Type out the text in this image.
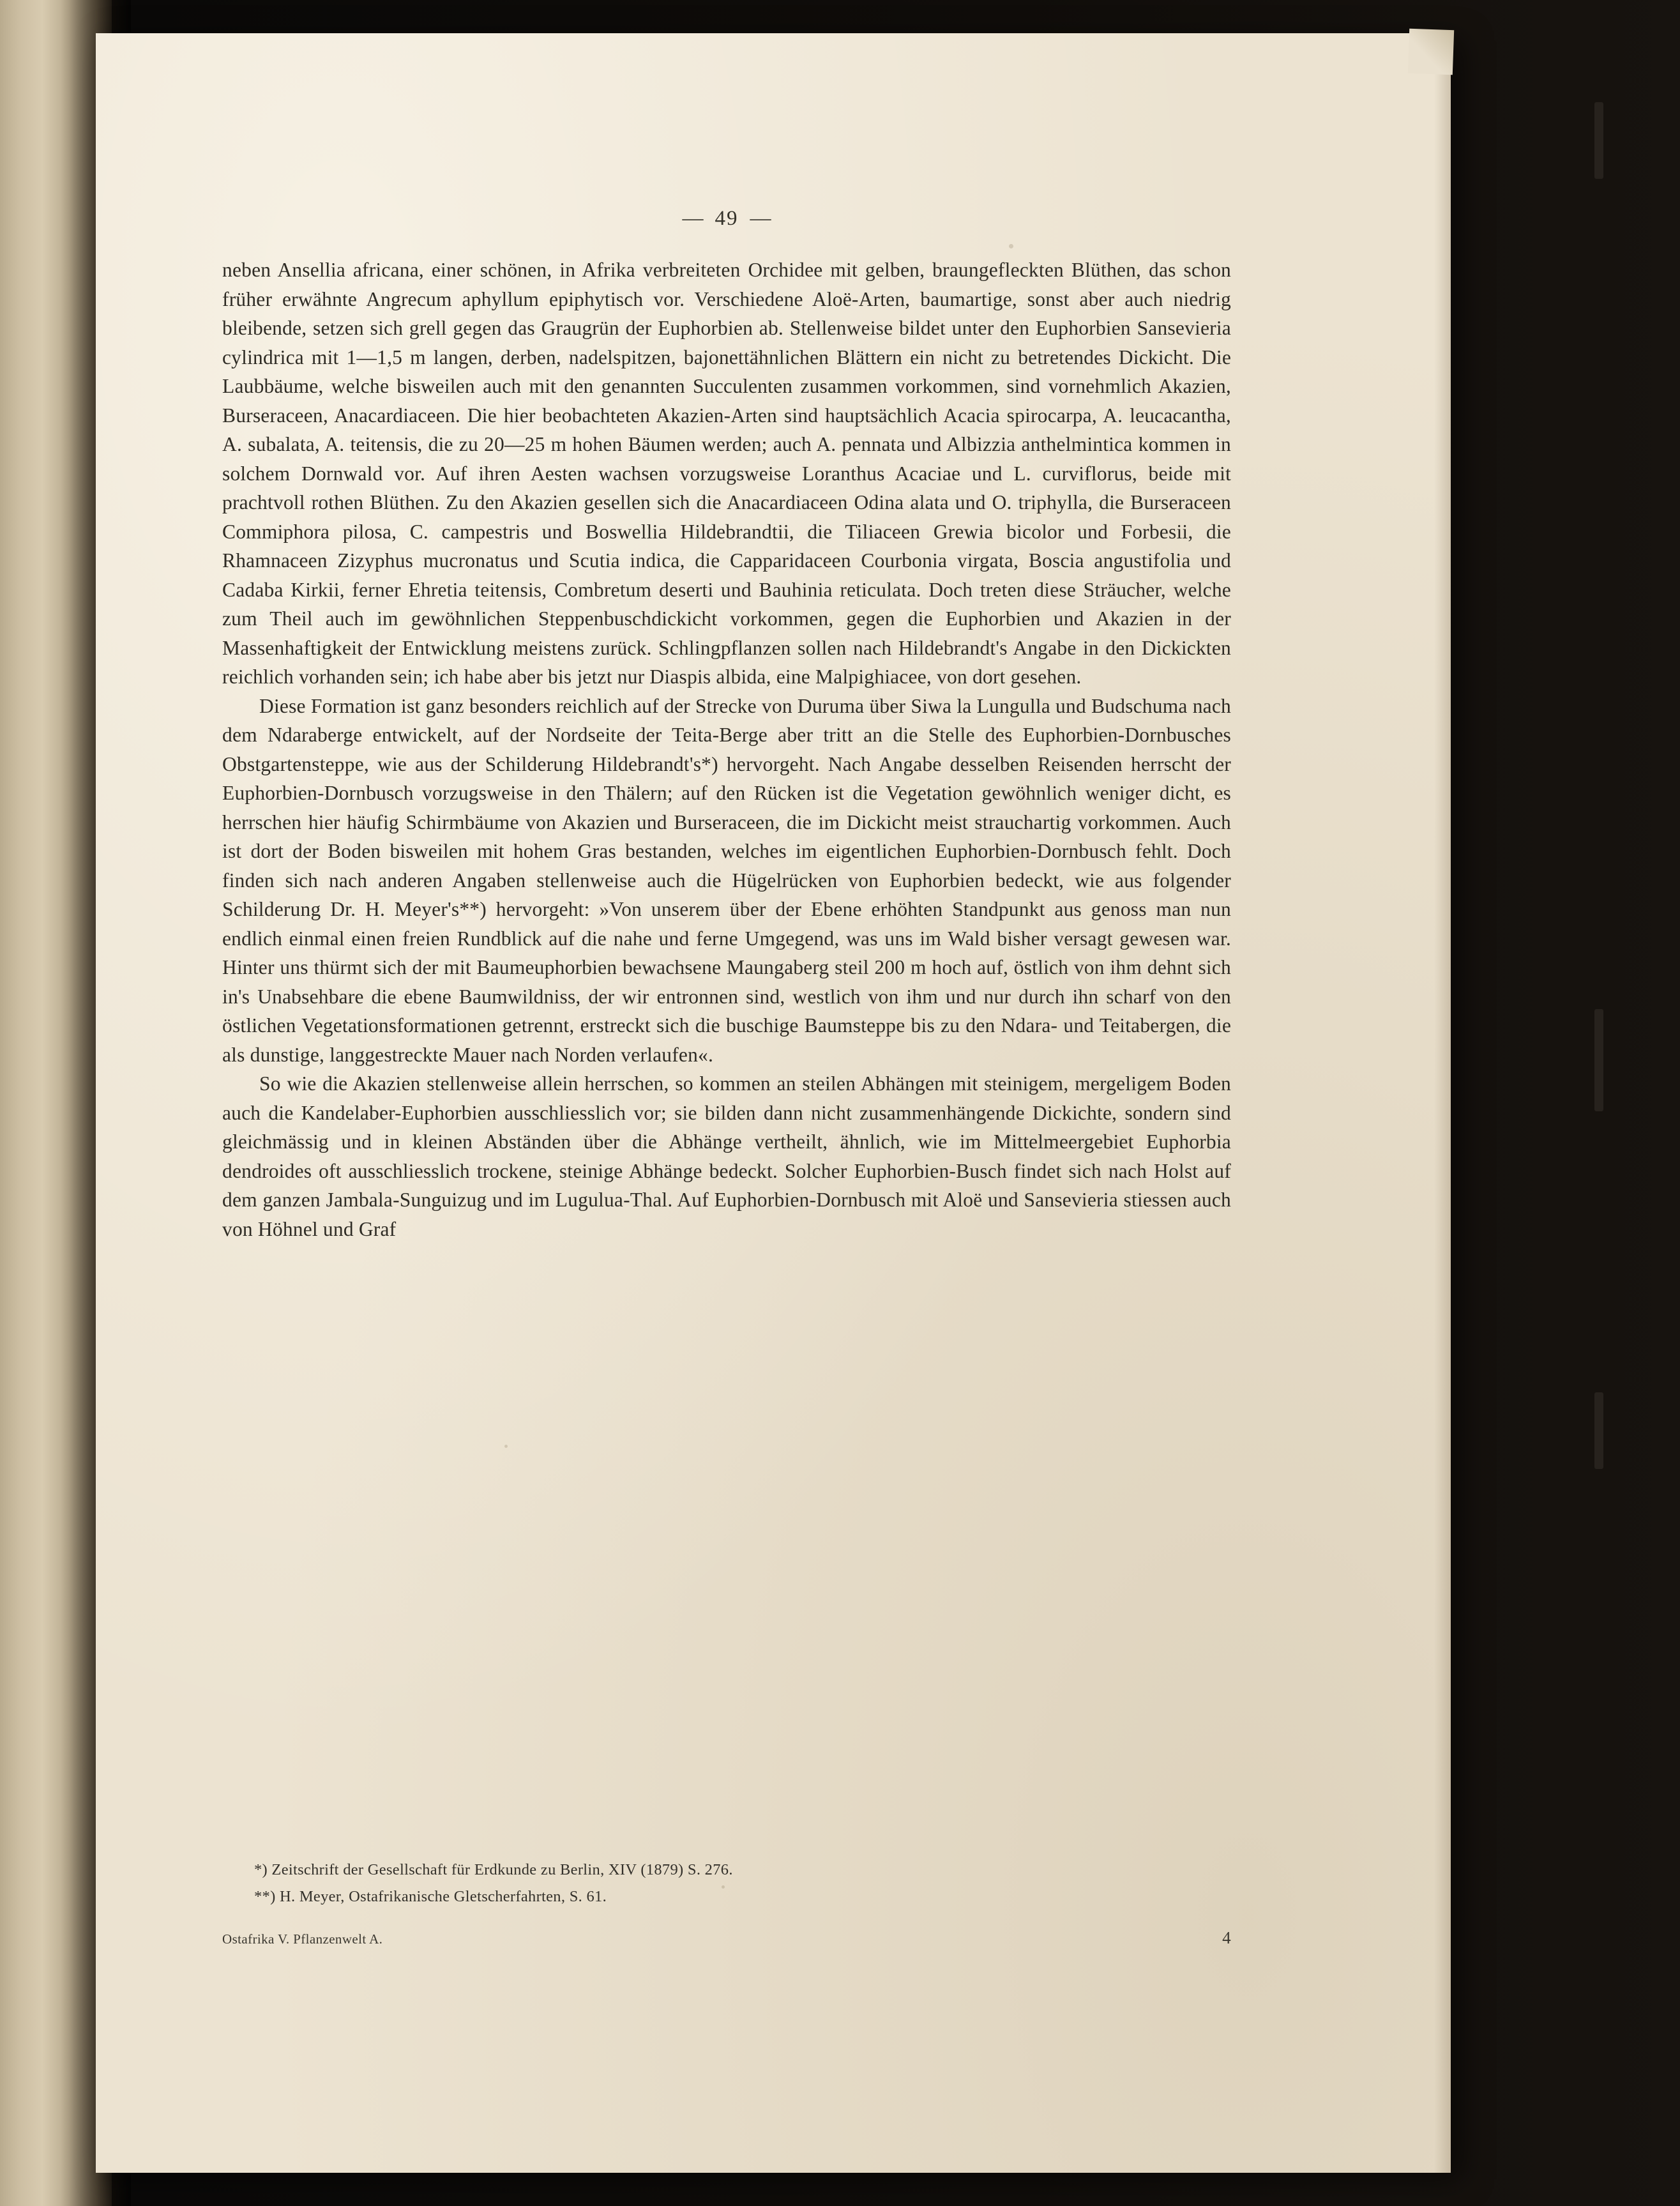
— 49 —

neben Ansellia africana, einer schönen, in Afrika verbreiteten Orchidee mit gelben, braungefleckten Blüthen, das schon früher erwähnte Angrecum aphyllum epiphytisch vor. Verschiedene Aloë-Arten, baumartige, sonst aber auch niedrig bleibende, setzen sich grell gegen das Graugrün der Euphorbien ab. Stellenweise bildet unter den Euphorbien Sansevieria cylindrica mit 1—1,5 m langen, derben, nadelspitzen, bajonettähnlichen Blättern ein nicht zu betretendes Dickicht. Die Laubbäume, welche bisweilen auch mit den genannten Succulenten zusammen vorkommen, sind vornehmlich Akazien, Burseraceen, Anacardiaceen. Die hier beobachteten Akazien-Arten sind hauptsächlich Acacia spirocarpa, A. leucacantha, A. subalata, A. teitensis, die zu 20—25 m hohen Bäumen werden; auch A. pennata und Albizzia anthelmintica kommen in solchem Dornwald vor. Auf ihren Aesten wachsen vorzugsweise Loranthus Acaciae und L. curviflorus, beide mit prachtvoll rothen Blüthen. Zu den Akazien gesellen sich die Anacardiaceen Odina alata und O. triphylla, die Burseraceen Commiphora pilosa, C. campestris und Boswellia Hildebrandtii, die Tiliaceen Grewia bicolor und Forbesii, die Rhamnaceen Zizyphus mucronatus und Scutia indica, die Capparidaceen Courbonia virgata, Boscia angustifolia und Cadaba Kirkii, ferner Ehretia teitensis, Combretum deserti und Bauhinia reticulata. Doch treten diese Sträucher, welche zum Theil auch im gewöhnlichen Steppenbuschdickicht vorkommen, gegen die Euphorbien und Akazien in der Massenhaftigkeit der Entwicklung meistens zurück. Schlingpflanzen sollen nach Hildebrandt's Angabe in den Dickickten reichlich vorhanden sein; ich habe aber bis jetzt nur Diaspis albida, eine Malpighiacee, von dort gesehen.

Diese Formation ist ganz besonders reichlich auf der Strecke von Duruma über Siwa la Lungulla und Budschuma nach dem Ndaraberge entwickelt, auf der Nordseite der Teita-Berge aber tritt an die Stelle des Euphorbien-Dornbusches Obstgartensteppe, wie aus der Schilderung Hildebrandt's*) hervorgeht. Nach Angabe desselben Reisenden herrscht der Euphorbien-Dornbusch vorzugsweise in den Thälern; auf den Rücken ist die Vegetation gewöhnlich weniger dicht, es herrschen hier häufig Schirmbäume von Akazien und Burseraceen, die im Dickicht meist strauchartig vorkommen. Auch ist dort der Boden bisweilen mit hohem Gras bestanden, welches im eigentlichen Euphorbien-Dornbusch fehlt. Doch finden sich nach anderen Angaben stellenweise auch die Hügelrücken von Euphorbien bedeckt, wie aus folgender Schilderung Dr. H. Meyer's**) hervorgeht: »Von unserem über der Ebene erhöhten Standpunkt aus genoss man nun endlich einmal einen freien Rundblick auf die nahe und ferne Umgegend, was uns im Wald bisher versagt gewesen war. Hinter uns thürmt sich der mit Baumeuphorbien bewachsene Maungaberg steil 200 m hoch auf, östlich von ihm dehnt sich in's Unabsehbare die ebene Baumwildniss, der wir entronnen sind, westlich von ihm und nur durch ihn scharf von den östlichen Vegetationsformationen getrennt, erstreckt sich die buschige Baumsteppe bis zu den Ndara- und Teitabergen, die als dunstige, langgestreckte Mauer nach Norden verlaufen«.

So wie die Akazien stellenweise allein herrschen, so kommen an steilen Abhängen mit steinigem, mergeligem Boden auch die Kandelaber-Euphorbien ausschliesslich vor; sie bilden dann nicht zusammenhängende Dickichte, sondern sind gleichmässig und in kleinen Abständen über die Abhänge vertheilt, ähnlich, wie im Mittelmeergebiet Euphorbia dendroides oft ausschliesslich trockene, steinige Abhänge bedeckt. Solcher Euphorbien-Busch findet sich nach Holst auf dem ganzen Jambala-Sunguizug und im Lugulua-Thal. Auf Euphorbien-Dornbusch mit Aloë und Sansevieria stiessen auch von Höhnel und Graf

*) Zeitschrift der Gesellschaft für Erdkunde zu Berlin, XIV (1879) S. 276.
**) H. Meyer, Ostafrikanische Gletscherfahrten, S. 61.
Ostafrika V. Pflanzenwelt A.	4
